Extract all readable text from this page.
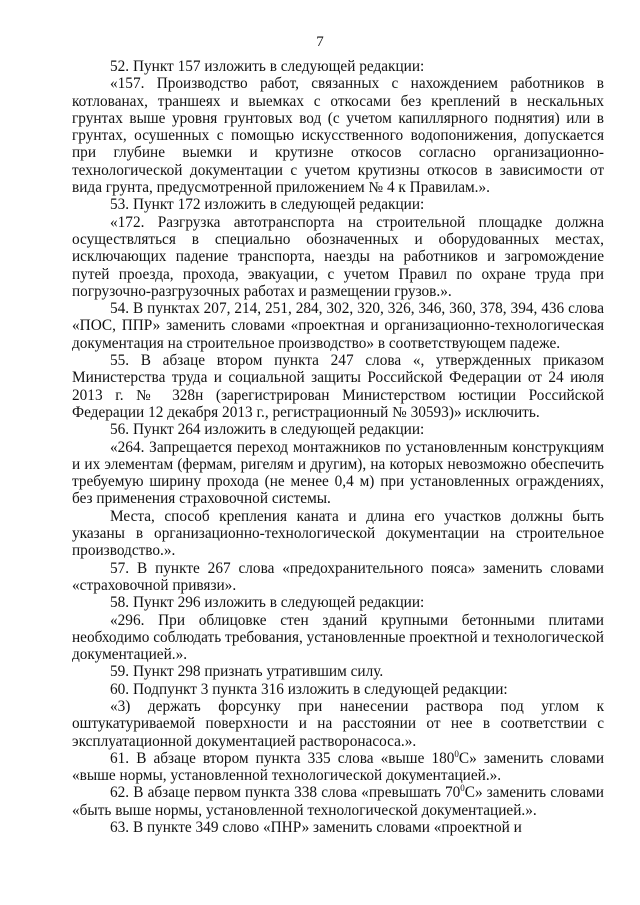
7

52. Пункт 157 изложить в следующей редакции:

«157. Производство работ, связанных с нахождением работников в котлованах, траншеях и выемках с откосами без креплений в нескальных грунтах выше уровня грунтовых вод (с учетом капиллярного поднятия) или в грунтах, осушенных с помощью искусственного водопонижения, допускается при глубине выемки и крутизне откосов согласно организационно-технологической документации с учетом крутизны откосов в зависимости от вида грунта, предусмотренной приложением № 4 к Правилам.».

53. Пункт 172 изложить в следующей редакции:

«172. Разгрузка автотранспорта на строительной площадке должна осуществляться в специально обозначенных и оборудованных местах, исключающих падение транспорта, наезды на работников и загромождение путей проезда, прохода, эвакуации, с учетом Правил по охране труда при погрузочно-разгрузочных работах и размещении грузов.».

54. В пунктах 207, 214, 251, 284, 302, 320, 326, 346, 360, 378, 394, 436 слова «ПОС, ППР» заменить словами «проектная и организационно-технологическая документация на строительное производство» в соответствующем падеже.

55. В абзаце втором пункта 247 слова «, утвержденных приказом Министерства труда и социальной защиты Российской Федерации от 24 июля 2013 г. № 328н (зарегистрирован Министерством юстиции Российской Федерации 12 декабря 2013 г., регистрационный № 30593)» исключить.

56. Пункт 264 изложить в следующей редакции:

«264. Запрещается переход монтажников по установленным конструкциям и их элементам (фермам, ригелям и другим), на которых невозможно обеспечить требуемую ширину прохода (не менее 0,4 м) при установленных ограждениях, без применения страховочной системы.

Места, способ крепления каната и длина его участков должны быть указаны в организационно-технологической документации на строительное производство.».

57. В пункте 267 слова «предохранительного пояса» заменить словами «страховочной привязи».

58. Пункт 296 изложить в следующей редакции:

«296. При облицовке стен зданий крупными бетонными плитами необходимо соблюдать требования, установленные проектной и технологической документацией.».

59. Пункт 298 признать утратившим силу.

60. Подпункт 3 пункта 316 изложить в следующей редакции:

«3) держать форсунку при нанесении раствора под углом к оштукатуриваемой поверхности и на расстоянии от нее в соответствии с эксплуатационной документацией растворонасоса.».

61. В абзаце втором пункта 335 слова «выше $180^0С$» заменить словами «выше нормы, установленной технологической документацией.».

62. В абзаце первом пункта 338 слова «превышать $70^0С$» заменить словами «быть выше нормы, установленной технологической документацией.».

63. В пункте 349 слово «ПНР» заменить словами «проектной и
